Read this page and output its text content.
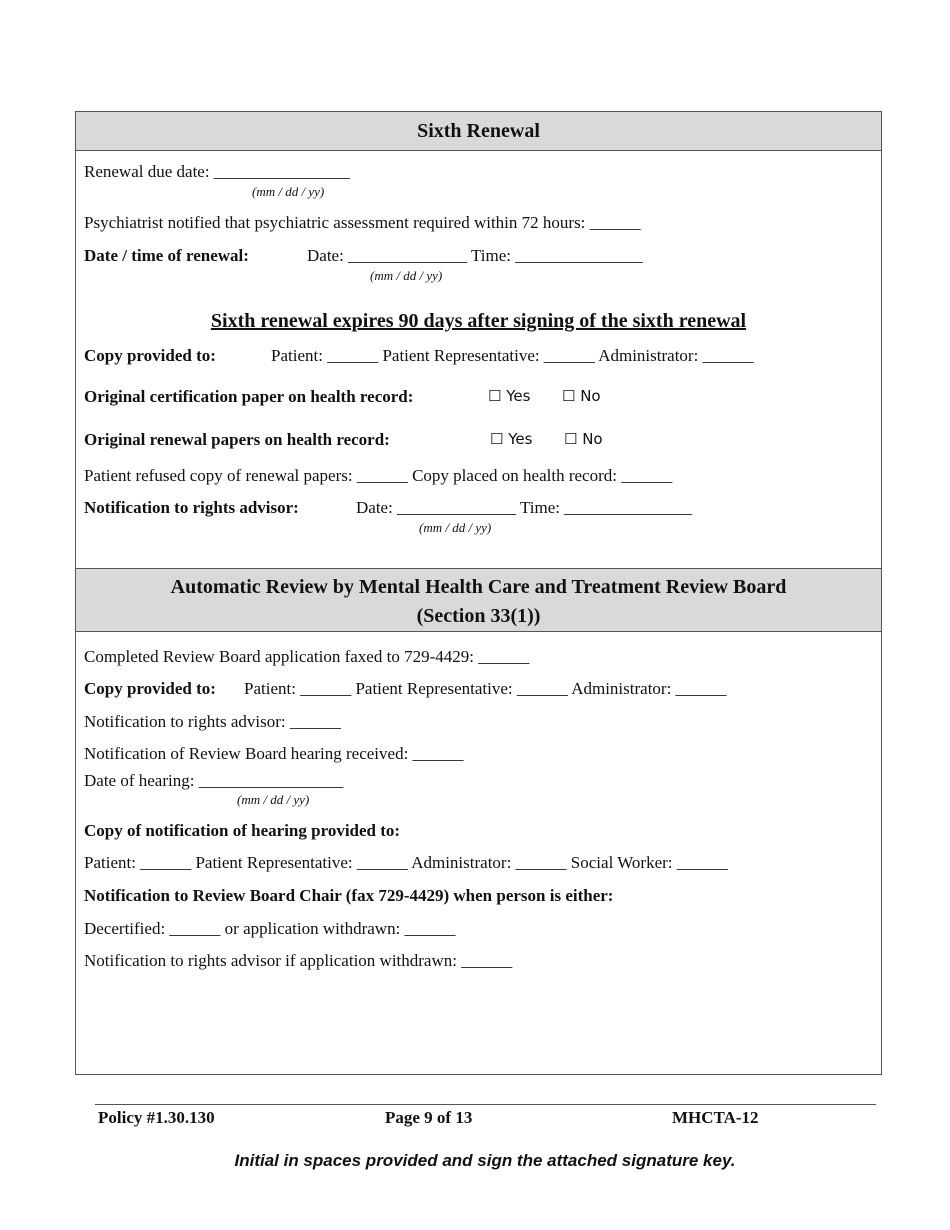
Sixth Renewal
Renewal due date: ________________
(mm / dd / yy)
Psychiatrist notified that psychiatric assessment required within 72 hours: ______
Date / time of renewal:	Date: ______________ Time: _______________
(mm / dd / yy)
Sixth renewal expires 90 days after signing of the sixth renewal
Copy provided to:	Patient: ______ Patient Representative: ______ Administrator: ______
Original certification paper on health record:	☐ Yes ☐ No
Original renewal papers on health record:	☐ Yes ☐ No
Patient refused copy of renewal papers: ______ Copy placed on health record: ______
Notification to rights advisor:	Date: ______________ Time: _______________
(mm / dd / yy)
Automatic Review by Mental Health Care and Treatment Review Board
(Section 33(1))
Completed Review Board application faxed to 729-4429: ______
Copy provided to: Patient: ______ Patient Representative: ______ Administrator: ______
Notification to rights advisor: ______
Notification of Review Board hearing received: ______
Date of hearing: _________________
(mm / dd / yy)
Copy of notification of hearing provided to:
Patient: ______ Patient Representative: ______ Administrator: ______ Social Worker: ______
Notification to Review Board Chair (fax 729-4429) when person is either:
Decertified: ______ or application withdrawn: ______
Notification to rights advisor if application withdrawn: ______
Policy #1.30.130	Page 9 of 13	MHCTA-12
Initial in spaces provided and sign the attached signature key.
